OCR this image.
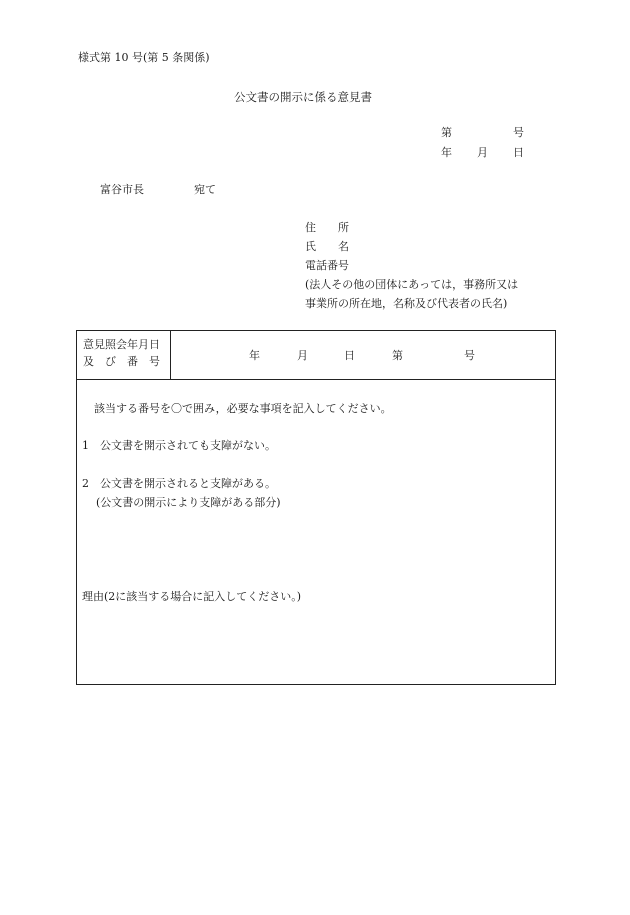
様式第 10 号(第 5 条関係)
公文書の開示に係る意見書
第	号
年 月 日
富谷市長	宛て
住　　所
氏　　名
電話番号
(法人その他の団体にあっては，事務所又は
事業所の所在地，名称及び代表者の氏名)
意見照会年月日
及　び　番　号	年	月	日	第	号
該当する番号を〇で囲み，必要な事項を記入してください。
1　公文書を開示されても支障がない。
2　公文書を開示されると支障がある。
(公文書の開示により支障がある部分)
理由(2に該当する場合に記入してください。)
